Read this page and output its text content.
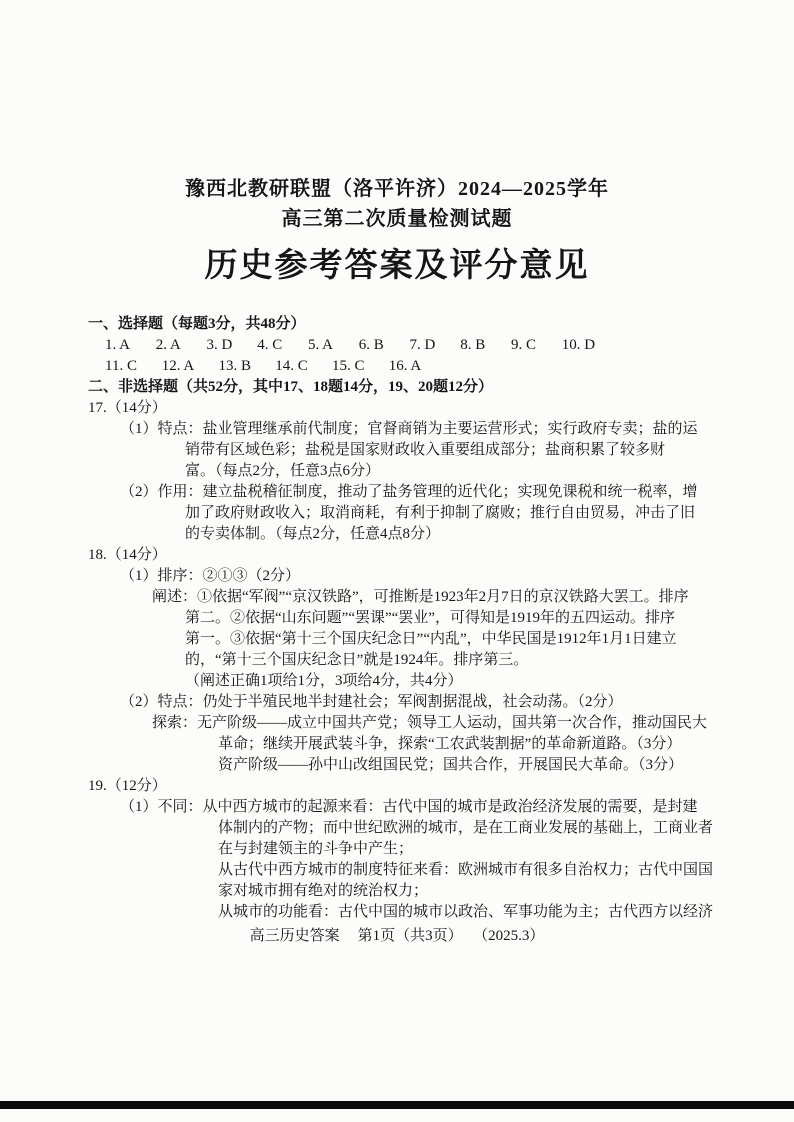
豫西北教研联盟（洛平许济）2024—2025学年
高三第二次质量检测试题
历史参考答案及评分意见
一、选择题（每题3分，共48分）
1. A 2. A 3. D 4. C 5. A 6. B 7. D 8. B 9. C 10. D
11. C 12. A 13. B 14. C 15. C 16. A
二、非选择题（共52分，其中17、18题14分，19、20题12分）
17.（14分）
（1）特点：盐业管理继承前代制度；官督商销为主要运营形式；实行政府专卖；盐的运
销带有区域色彩；盐税是国家财政收入重要组成部分；盐商积累了较多财
富。（每点2分，任意3点6分）
（2）作用：建立盐税稽征制度，推动了盐务管理的近代化；实现免课税和统一税率，增
加了政府财政收入；取消商耗，有利于抑制了腐败；推行自由贸易，冲击了旧
的专卖体制。（每点2分，任意4点8分）
18.（14分）
（1）排序：②①③（2分）
阐述：①依据“军阀”“京汉铁路”，可推断是1923年2月7日的京汉铁路大罢工。排序
第二。②依据“山东问题”“罢课”“罢业”，可得知是1919年的五四运动。排序
第一。③依据“第十三个国庆纪念日”“内乱”，中华民国是1912年1月1日建立
的，“第十三个国庆纪念日”就是1924年。排序第三。
（阐述正确1项给1分，3项给4分，共4分）
（2）特点：仍处于半殖民地半封建社会；军阀割据混战，社会动荡。（2分）
探索：无产阶级——成立中国共产党；领导工人运动，国共第一次合作，推动国民大
革命；继续开展武装斗争，探索“工农武装割据”的革命新道路。（3分）
资产阶级——孙中山改组国民党；国共合作，开展国民大革命。（3分）
19.（12分）
（1）不同：从中西方城市的起源来看：古代中国的城市是政治经济发展的需要，是封建
体制内的产物；而中世纪欧洲的城市，是在工商业发展的基础上，工商业者
在与封建领主的斗争中产生；
从古代中西方城市的制度特征来看：欧洲城市有很多自治权力；古代中国国
家对城市拥有绝对的统治权力；
从城市的功能看：古代中国的城市以政治、军事功能为主；古代西方以经济
高三历史答案 第1页（共3页） （2025.3）
